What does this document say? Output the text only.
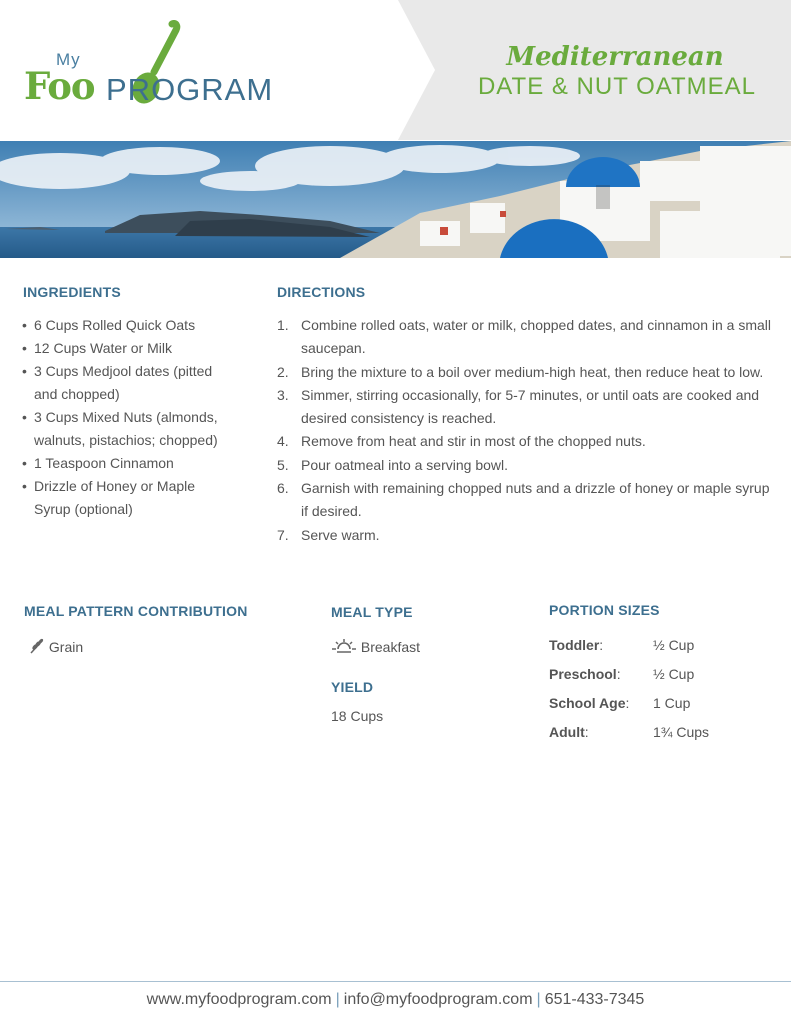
My
Foo PROGRAM
Mediterranean
DATE & NUT OATMEAL
INGREDIENTS
• 6 Cups Rolled Quick Oats
• 12 Cups Water or Milk
• 3 Cups Medjool dates (pitted and chopped)
• 3 Cups Mixed Nuts (almonds, walnuts, pistachios; chopped)
• 1 Teaspoon Cinnamon
• Drizzle of Honey or Maple Syrup (optional)
DIRECTIONS
1. Combine rolled oats, water or milk, chopped dates, and cinnamon in a small saucepan.
2. Bring the mixture to a boil over medium-high heat, then reduce heat to low.
3. Simmer, stirring occasionally, for 5-7 minutes, or until oats are cooked and desired consistency is reached.
4. Remove from heat and stir in most of the chopped nuts.
5. Pour oatmeal into a serving bowl.
6. Garnish with remaining chopped nuts and a drizzle of honey or maple syrup if desired.
7. Serve warm.
MEAL PATTERN CONTRIBUTION
Grain
MEAL TYPE
Breakfast
YIELD
18 Cups
PORTION SIZES
Toddler:	½ Cup
Preschool: ½ Cup
School Age: 1 Cup
Adult:	1¾ Cups
www.myfoodprogram.com | info@myfoodprogram.com | 651-433-7345
